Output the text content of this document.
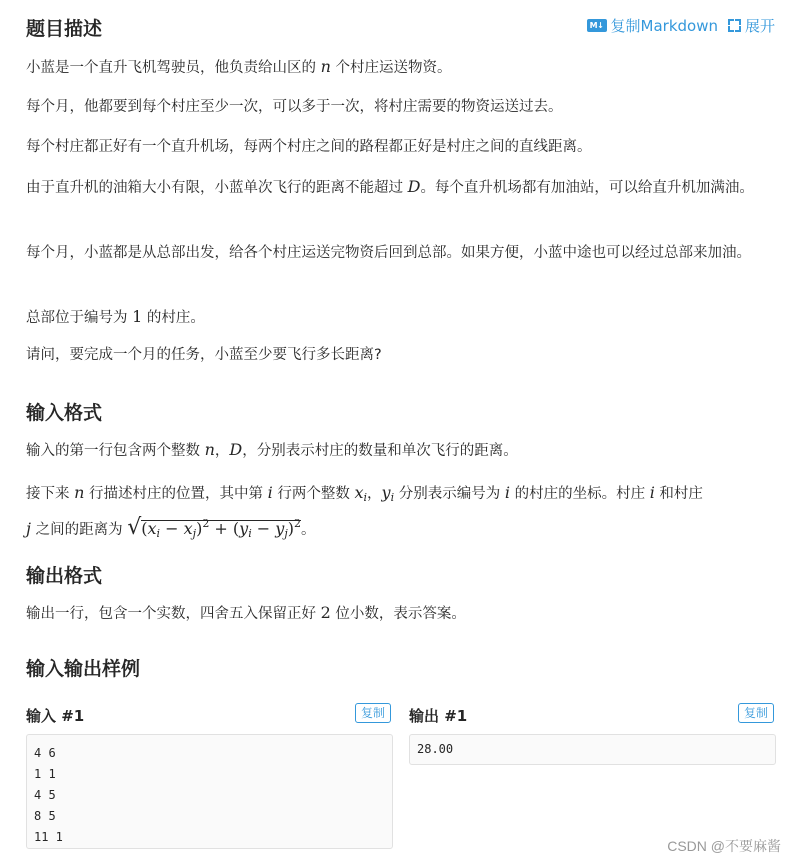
题目描述	M↓ 复制Markdown 展开

小蓝是一个直升飞机驾驶员，他负责给山区的 n 个村庄运送物资。

每个月，他都要到每个村庄至少一次，可以多于一次，将村庄需要的物资运送过去。

每个村庄都正好有一个直升机场，每两个村庄之间的路程都正好是村庄之间的直线距离。

由于直升机的油箱大小有限，小蓝单次飞行的距离不能超过 D。每个直升机场都有加油站，可以给直升机加满油。

每个月，小蓝都是从总部出发，给各个村庄运送完物资后回到总部。如果方便，小蓝中途也可以经过总部来加油。

总部位于编号为 1 的村庄。

请问，要完成一个月的任务，小蓝至少要飞行多长距离?

输入格式

输入的第一行包含两个整数 n，D，分别表示村庄的数量和单次飞行的距离。

接下来 n 行描述村庄的位置，其中第 i 行两个整数 $x_i$，$y_i$ 分别表示编号为 i 的村庄的坐标。村庄 i 和村庄
j 之间的距离为 $√(x_i - x_j)^2 + (y_i - y_j)^2$。

输出格式

输出一行，包含一个实数，四舍五入保留正好 2 位小数，表示答案。

输入输出样例
输入 #1	复制
4 6
1 1
4 5
8 5
11 1
输出 #1	复制
28.00
CSDN @不要麻酱
